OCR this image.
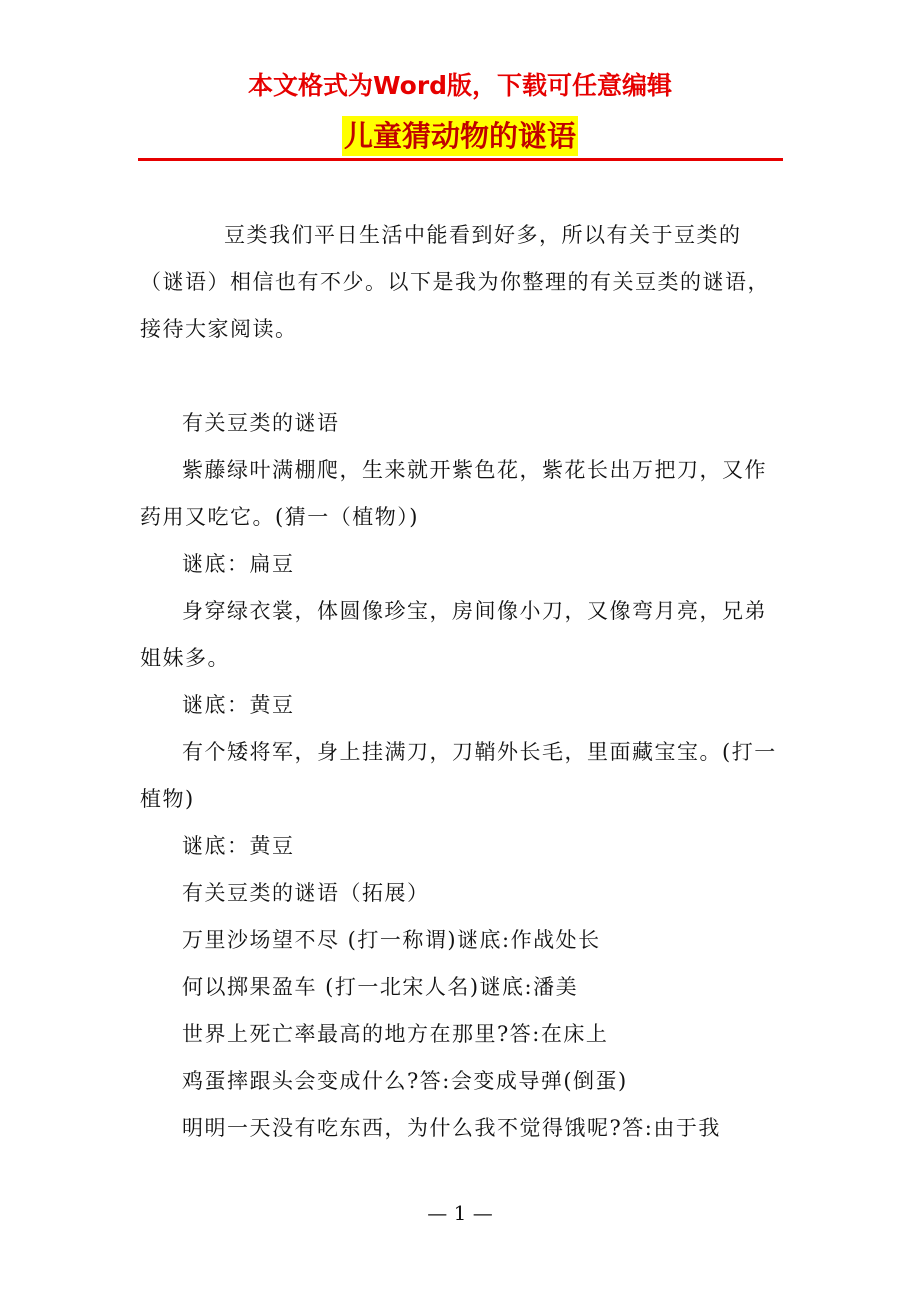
本文格式为Word版，下载可任意编辑
儿童猜动物的谜语

豆类我们平日生活中能看到好多，所以有关于豆类的（谜语）相信也有不少。以下是我为你整理的有关豆类的谜语，接待大家阅读。

有关豆类的谜语

紫藤绿叶满棚爬，生来就开紫色花，紫花长出万把刀，又作药用又吃它。(猜一（植物）)

谜底：扁豆

身穿绿衣裳，体圆像珍宝，房间像小刀，又像弯月亮，兄弟姐妹多。

谜底：黄豆

有个矮将军，身上挂满刀，刀鞘外长毛，里面藏宝宝。(打一植物)

谜底：黄豆

有关豆类的谜语（拓展）

万里沙场望不尽 (打一称谓)谜底:作战处长

何以掷果盈车 (打一北宋人名)谜底:潘美

世界上死亡率最高的地方在那里?答:在床上

鸡蛋摔跟头会变成什么?答:会变成导弹(倒蛋)

明明一天没有吃东西，为什么我不觉得饿呢?答:由于我

— 1 —
